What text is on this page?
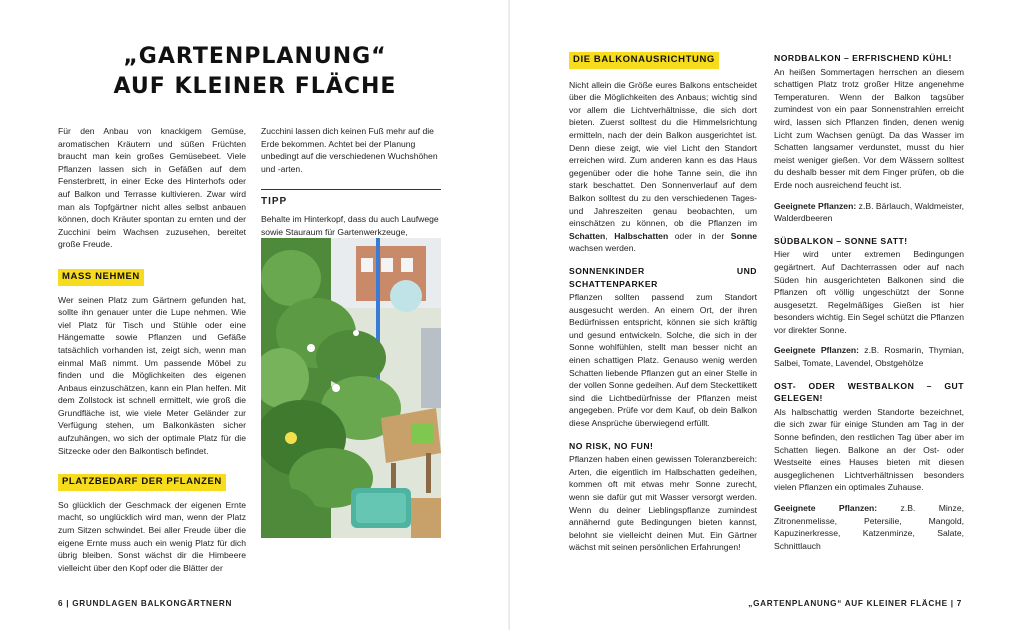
„GARTENPLANUNG“
AUF KLEINER FLÄCHE

Für den Anbau von knackigem Gemüse, aromatischen Kräutern und süßen Früchten braucht man kein großes Gemüsebeet. Viele Pflanzen lassen sich in Gefäßen auf dem Fensterbrett, in einer Ecke des Hinterhofs oder auf Balkon und Terrasse kultivieren. Zwar wird man als Topfgärtner nicht alles selbst anbauen können, doch Kräuter spontan zu ernten und der Zucchini beim Wachsen zuzusehen, bereitet große Freude.

MASS NEHMEN

Wer seinen Platz zum Gärtnern gefunden hat, sollte ihn genauer unter die Lupe nehmen. Wie viel Platz für Tisch und Stühle oder eine Hängematte sowie Pflanzen und Gefäße tatsächlich vorhanden ist, zeigt sich, wenn man einmal Maß nimmt. Um passende Möbel zu finden und die Möglichkeiten des eigenen Anbaus einzuschätzen, kann ein Plan helfen. Mit dem Zollstock ist schnell ermittelt, wie groß die Grundfläche ist, wie viele Meter Geländer zur Verfügung stehen, um Balkonkästen sicher aufzuhängen, wo sich der optimale Platz für die Sitzecke oder den Balkontisch befindet.

PLATZBEDARF DER PFLANZEN

So glücklich der Geschmack der eigenen Ernte macht, so unglücklich wird man, wenn der Platz zum Sitzen schwindet. Bei aller Freude über die eigene Ernte muss auch ein wenig Platz für dich übrig bleiben. Sonst wächst dir die Himbeere vielleicht über den Kopf oder die Blätter der

Zucchini lassen dich keinen Fuß mehr auf die Erde bekommen. Achtet bei der Planung unbedingt auf die verschiedenen Wuchshöhen und -arten.

TIPP

Behalte im Hinterkopf, dass du auch Laufwege sowie Stauraum für Gartenwerkzeuge,

6 | GRUNDLAGEN BALKONGÄRTNERN
DIE BALKONAUSRICHTUNG

Nicht allein die Größe eures Balkons entscheidet über die Möglichkeiten des Anbaus; wichtig sind vor allem die Lichtverhältnisse, die sich dort bieten. Zuerst solltest du die Himmelsrichtung ermitteln, nach der dein Balkon ausgerichtet ist. Denn diese zeigt, wie viel Licht den Standort erreichen wird. Zum anderen kann es das Haus gegenüber oder die hohe Tanne sein, die ihn stark beschattet. Den Sonnenverlauf auf dem Balkon solltest du zu den verschiedenen Tages- und Jahreszeiten genau beobachten, um einschätzen zu können, ob die Pflanzen im Schatten, Halbschatten oder in der Sonne wachsen werden.

SONNENKINDER UND SCHATTENPARKER

Pflanzen sollten passend zum Standort ausgesucht werden. An einem Ort, der ihren Bedürfnissen entspricht, können sie sich kräftig und gesund entwickeln. Solche, die sich in der Sonne wohlfühlen, stellt man besser nicht an einen schattigen Platz. Genauso wenig werden Schatten liebende Pflanzen gut an einer Stelle in der vollen Sonne gedeihen. Auf dem Steckettikett sind die Lichtbedürfnisse der Pflanzen meist angegeben. Prüfe vor dem Kauf, ob dein Balkon diese Ansprüche überwiegend erfüllt.

NO RISK, NO FUN!

Pflanzen haben einen gewissen Toleranzbereich: Arten, die eigentlich im Halbschatten gedeihen, kommen oft mit etwas mehr Sonne zurecht, wenn sie dafür gut mit Wasser versorgt werden. Wenn du deiner Lieblingspflanze zumindest annähernd gute Bedingungen bieten kannst, belohnt sie vielleicht deinen Mut. Ein Gärtner wächst mit seinen persönlichen Erfahrungen!

NORDBALKON – ERFRISCHEND KÜHL!

An heißen Sommertagen herrschen an diesem schattigen Platz trotz großer Hitze angenehme Temperaturen. Wenn der Balkon tagsüber zumindest von ein paar Sonnenstrahlen erreicht wird, lassen sich Pflanzen finden, denen wenig Licht zum Wachsen genügt. Da das Wasser im Schatten langsamer verdunstet, musst du hier meist weniger gießen. Vor dem Wässern solltest du deshalb besser mit dem Finger prüfen, ob die Erde noch ausreichend feucht ist.

Geeignete Pflanzen: z.B. Bärlauch, Waldmeister, Walderdbeeren

SÜDBALKON – SONNE SATT!

Hier wird unter extremen Bedingungen gegärtnert. Auf Dachterrassen oder auf nach Süden hin ausgerichteten Balkonen sind die Pflanzen oft völlig ungeschützt der Sonne ausgesetzt. Regelmäßiges Gießen ist hier besonders wichtig. Ein Segel schützt die Pflanzen vor direkter Sonne.

Geeignete Pflanzen: z.B. Rosmarin, Thymian, Salbei, Tomate, Lavendel, Obstgehölze

OST- ODER WESTBALKON – GUT GELEGEN!

Als halbschattig werden Standorte bezeichnet, die sich zwar für einige Stunden am Tag in der Sonne befinden, den restlichen Tag über aber im Schatten liegen. Balkone an der Ost- oder Westseite eines Hauses bieten mit diesen ausgeglichenen Lichtverhältnissen besonders vielen Pflanzen ein optimales Zuhause.

Geeignete Pflanzen: z.B. Minze, Zitronenmelisse, Petersilie, Mangold, Kapuzinerkresse, Katzenminze, Salate, Schnittlauch

„GARTENPLANUNG“ AUF KLEINER FLÄCHE | 7
